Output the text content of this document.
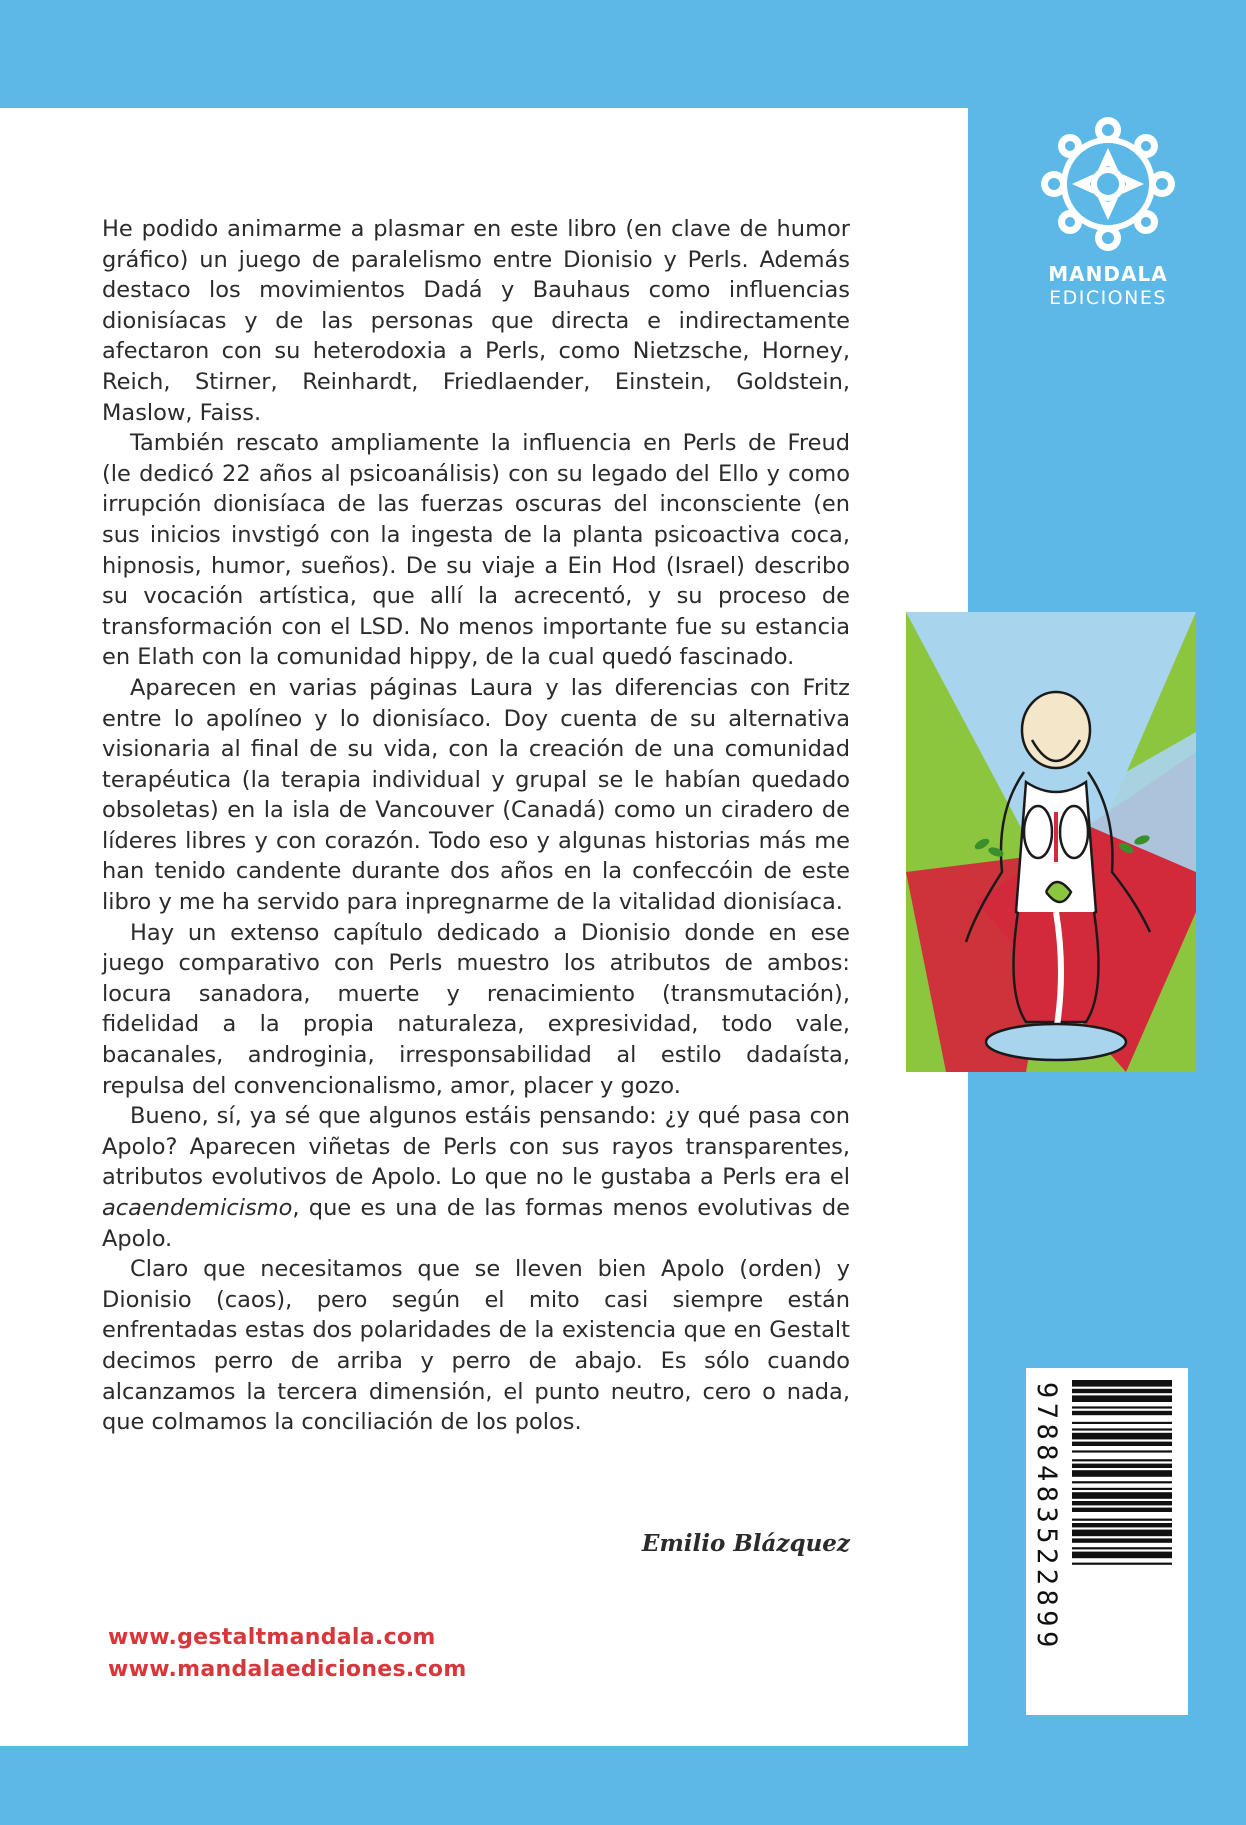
He podido animarme a plasmar en este libro (en clave de humor gráfico) un juego de paralelismo entre Dionisio y Perls. Además destaco los movimientos Dadá y Bauhaus como influencias dionisíacas y de las personas que directa e indirectamente afectaron con su heterodoxia a Perls, como Nietzsche, Horney, Reich, Stirner, Reinhardt, Friedlaender, Einstein, Goldstein, Maslow, Faiss.

También rescato ampliamente la influencia en Perls de Freud (le dedicó 22 años al psicoanálisis) con su legado del Ello y como irrupción dionisíaca de las fuerzas oscuras del inconsciente (en sus inicios invstigó con la ingesta de la planta psicoactiva coca, hipnosis, humor, sueños). De su viaje a Ein Hod (Israel) describo su vocación artística, que allí la acrecentó, y su proceso de transformación con el LSD. No menos importante fue su estancia en Elath con la comunidad hippy, de la cual quedó fascinado.

Aparecen en varias páginas Laura y las diferencias con Fritz entre lo apolíneo y lo dionisíaco. Doy cuenta de su alternativa visionaria al final de su vida, con la creación de una comunidad terapéutica (la terapia individual y grupal se le habían quedado obsoletas) en la isla de Vancouver (Canadá) como un ciradero de líderes libres y con corazón. Todo eso y algunas historias más me han tenido candente durante dos años en la confeccóin de este libro y me ha servido para inpregnarme de la vitalidad dionisíaca.

Hay un extenso capítulo dedicado a Dionisio donde en ese juego comparativo con Perls muestro los atributos de ambos: locura sanadora, muerte y renacimiento (transmutación), fidelidad a la propia naturaleza, expresividad, todo vale, bacanales, androginia, irresponsabilidad al estilo dadaísta, repulsa del convencionalismo, amor, placer y gozo.

Bueno, sí, ya sé que algunos estáis pensando: ¿y qué pasa con Apolo? Aparecen viñetas de Perls con sus rayos transparentes, atributos evolutivos de Apolo. Lo que no le gustaba a Perls era el acaendemicismo, que es una de las formas menos evolutivas de Apolo.

Claro que necesitamos que se lleven bien Apolo (orden) y Dionisio (caos), pero según el mito casi siempre están enfrentadas estas dos polaridades de la existencia que en Gestalt decimos perro de arriba y perro de abajo. Es sólo cuando alcanzamos la tercera dimensión, el punto neutro, cero o nada, que colmamos la conciliación de los polos.

Emilio Blázquez
www.gestaltmandala.com
www.mandalaediciones.com
MANDALA
EDICIONES
9788483522899
